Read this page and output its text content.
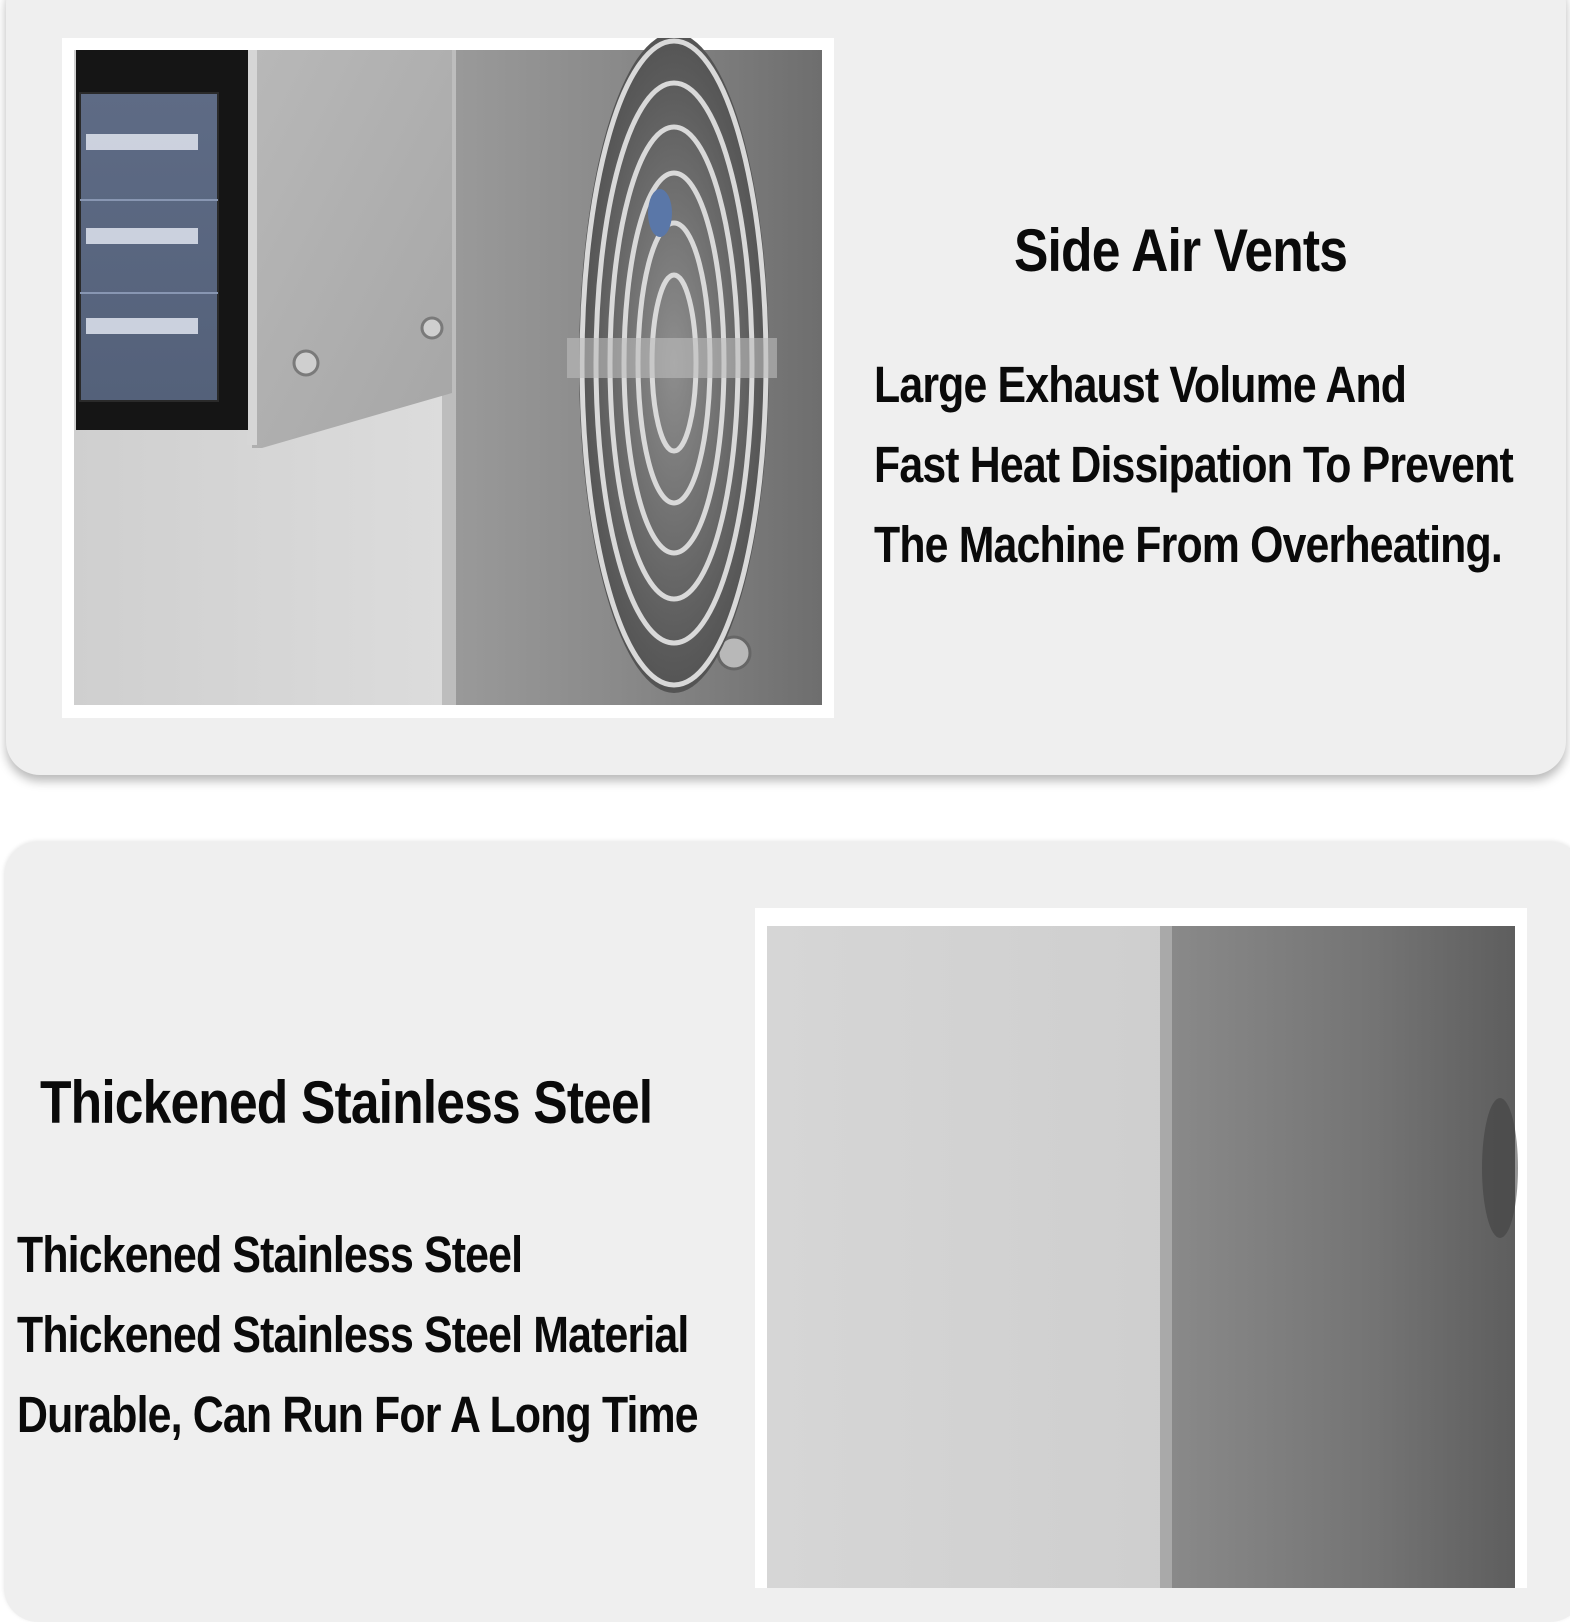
Side Air Vents

Large Exhaust Volume And

Fast Heat Dissipation To Prevent

The Machine From Overheating.

Thickened Stainless Steel

Thickened Stainless Steel

Thickened Stainless Steel Material

Durable, Can Run For A Long Time
